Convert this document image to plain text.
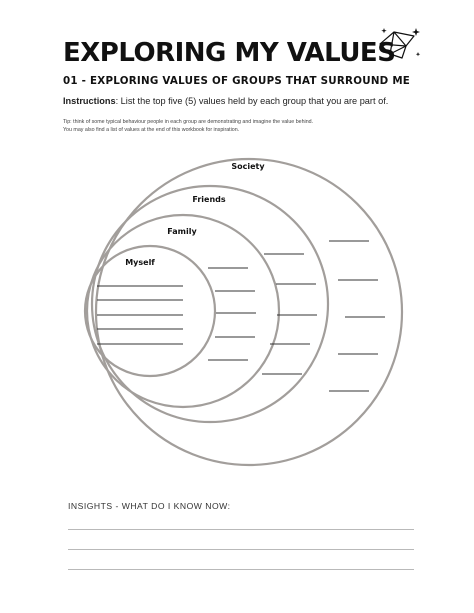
EXPLORING MY VALUES
01 - EXPLORING VALUES OF GROUPS THAT SURROUND ME
Instructions: List the top five (5) values held by each group that you are part of.
Tip: think of some typical behaviour people in each group are demonstrating and imagine the value behind.
You may also find a list of values at the end of this workbook for inspiration.
Society
Friends
Family
Myself
INSIGHTS - WHAT DO I KNOW NOW:
